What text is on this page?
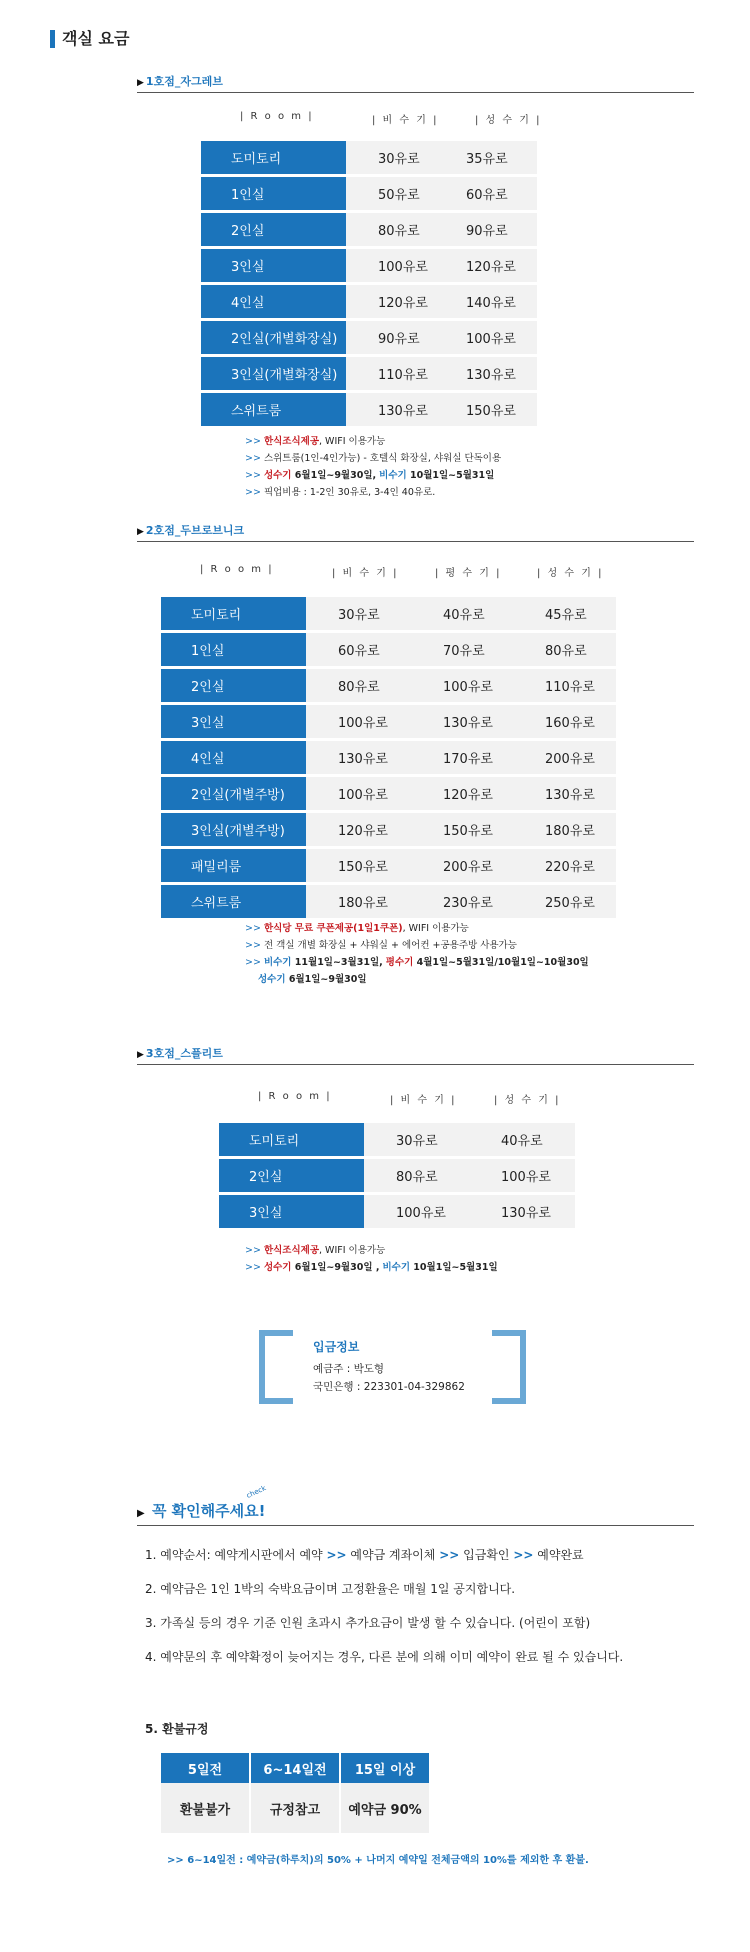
객실 요금
▶ 1호점_자그레브
| R o o m |	| 비 수 기 |	| 성 수 기 |
도미토리	30유로	35유로
1인실	50유로	60유로
2인실	80유로	90유로
3인실	100유로	120유로
4인실	120유로	140유로
2인실(개별화장실)	90유로	100유로
3인실(개별화장실)	110유로	130유로
스위트룸	130유로	150유로
>> 한식조식제공, WIFI 이용가능
>> 스위트룸(1인-4인가능) - 호텔식 화장실, 샤워실 단독이용
>> 성수기 6월1일~9월30일, 비수기 10월1일~5월31일
>> 픽업비용 : 1-2인 30유로, 3-4인 40유로.
▶ 2호점_두브로브니크
| R o o m |	| 비 수 기 |	| 평 수 기 |	| 성 수 기 |
도미토리	30유로	40유로	45유로
1인실	60유로	70유로	80유로
2인실	80유로	100유로	110유로
3인실	100유로	130유로	160유로
4인실	130유로	170유로	200유로
2인실(개별주방)	100유로	120유로	130유로
3인실(개별주방)	120유로	150유로	180유로
패밀리룸	150유로	200유로	220유로
스위트룸	180유로	230유로	250유로
>> 한식당 무료 쿠폰제공(1일1쿠폰), WIFI 이용가능
>> 전 객실 개별 화장실 + 샤워실 + 에어컨 +공용주방 사용가능
>> 비수기 11월1일~3월31일, 평수기 4월1일~5월31일/10월1일~10월30일
성수기 6월1일~9월30일
▶ 3호점_스플리트
| R o o m |	| 비 수 기 |	| 성 수 기 |
도미토리	30유로	40유로
2인실	80유로	100유로
3인실	100유로	130유로
>> 한식조식제공, WIFI 이용가능
>> 성수기 6월1일~9월30일 , 비수기 10월1일~5월31일
입금정보
예금주 : 박도형
국민은행 : 223301-04-329862
▶ 꼭 확인해주세요!
check
1. 예약순서: 예약게시판에서 예약 >> 예약금 계좌이체 >> 입금확인 >> 예약완료
2. 예약금은 1인 1박의 숙박요금이며 고정환율은 매월 1일 공지합니다.
3. 가족실 등의 경우 기준 인원 초과시 추가요금이 발생 할 수 있습니다. (어린이 포함)
4. 예약문의 후 예약확정이 늦어지는 경우, 다른 분에 의해 이미 예약이 완료 될 수 있습니다.
5. 환불규정
5일전	6~14일전	15일 이상
환불불가	규정참고	예약금 90%
>> 6~14일전 : 예약금(하루치)의 50% + 나머지 예약일 전체금액의 10%를 제외한 후 환불.
